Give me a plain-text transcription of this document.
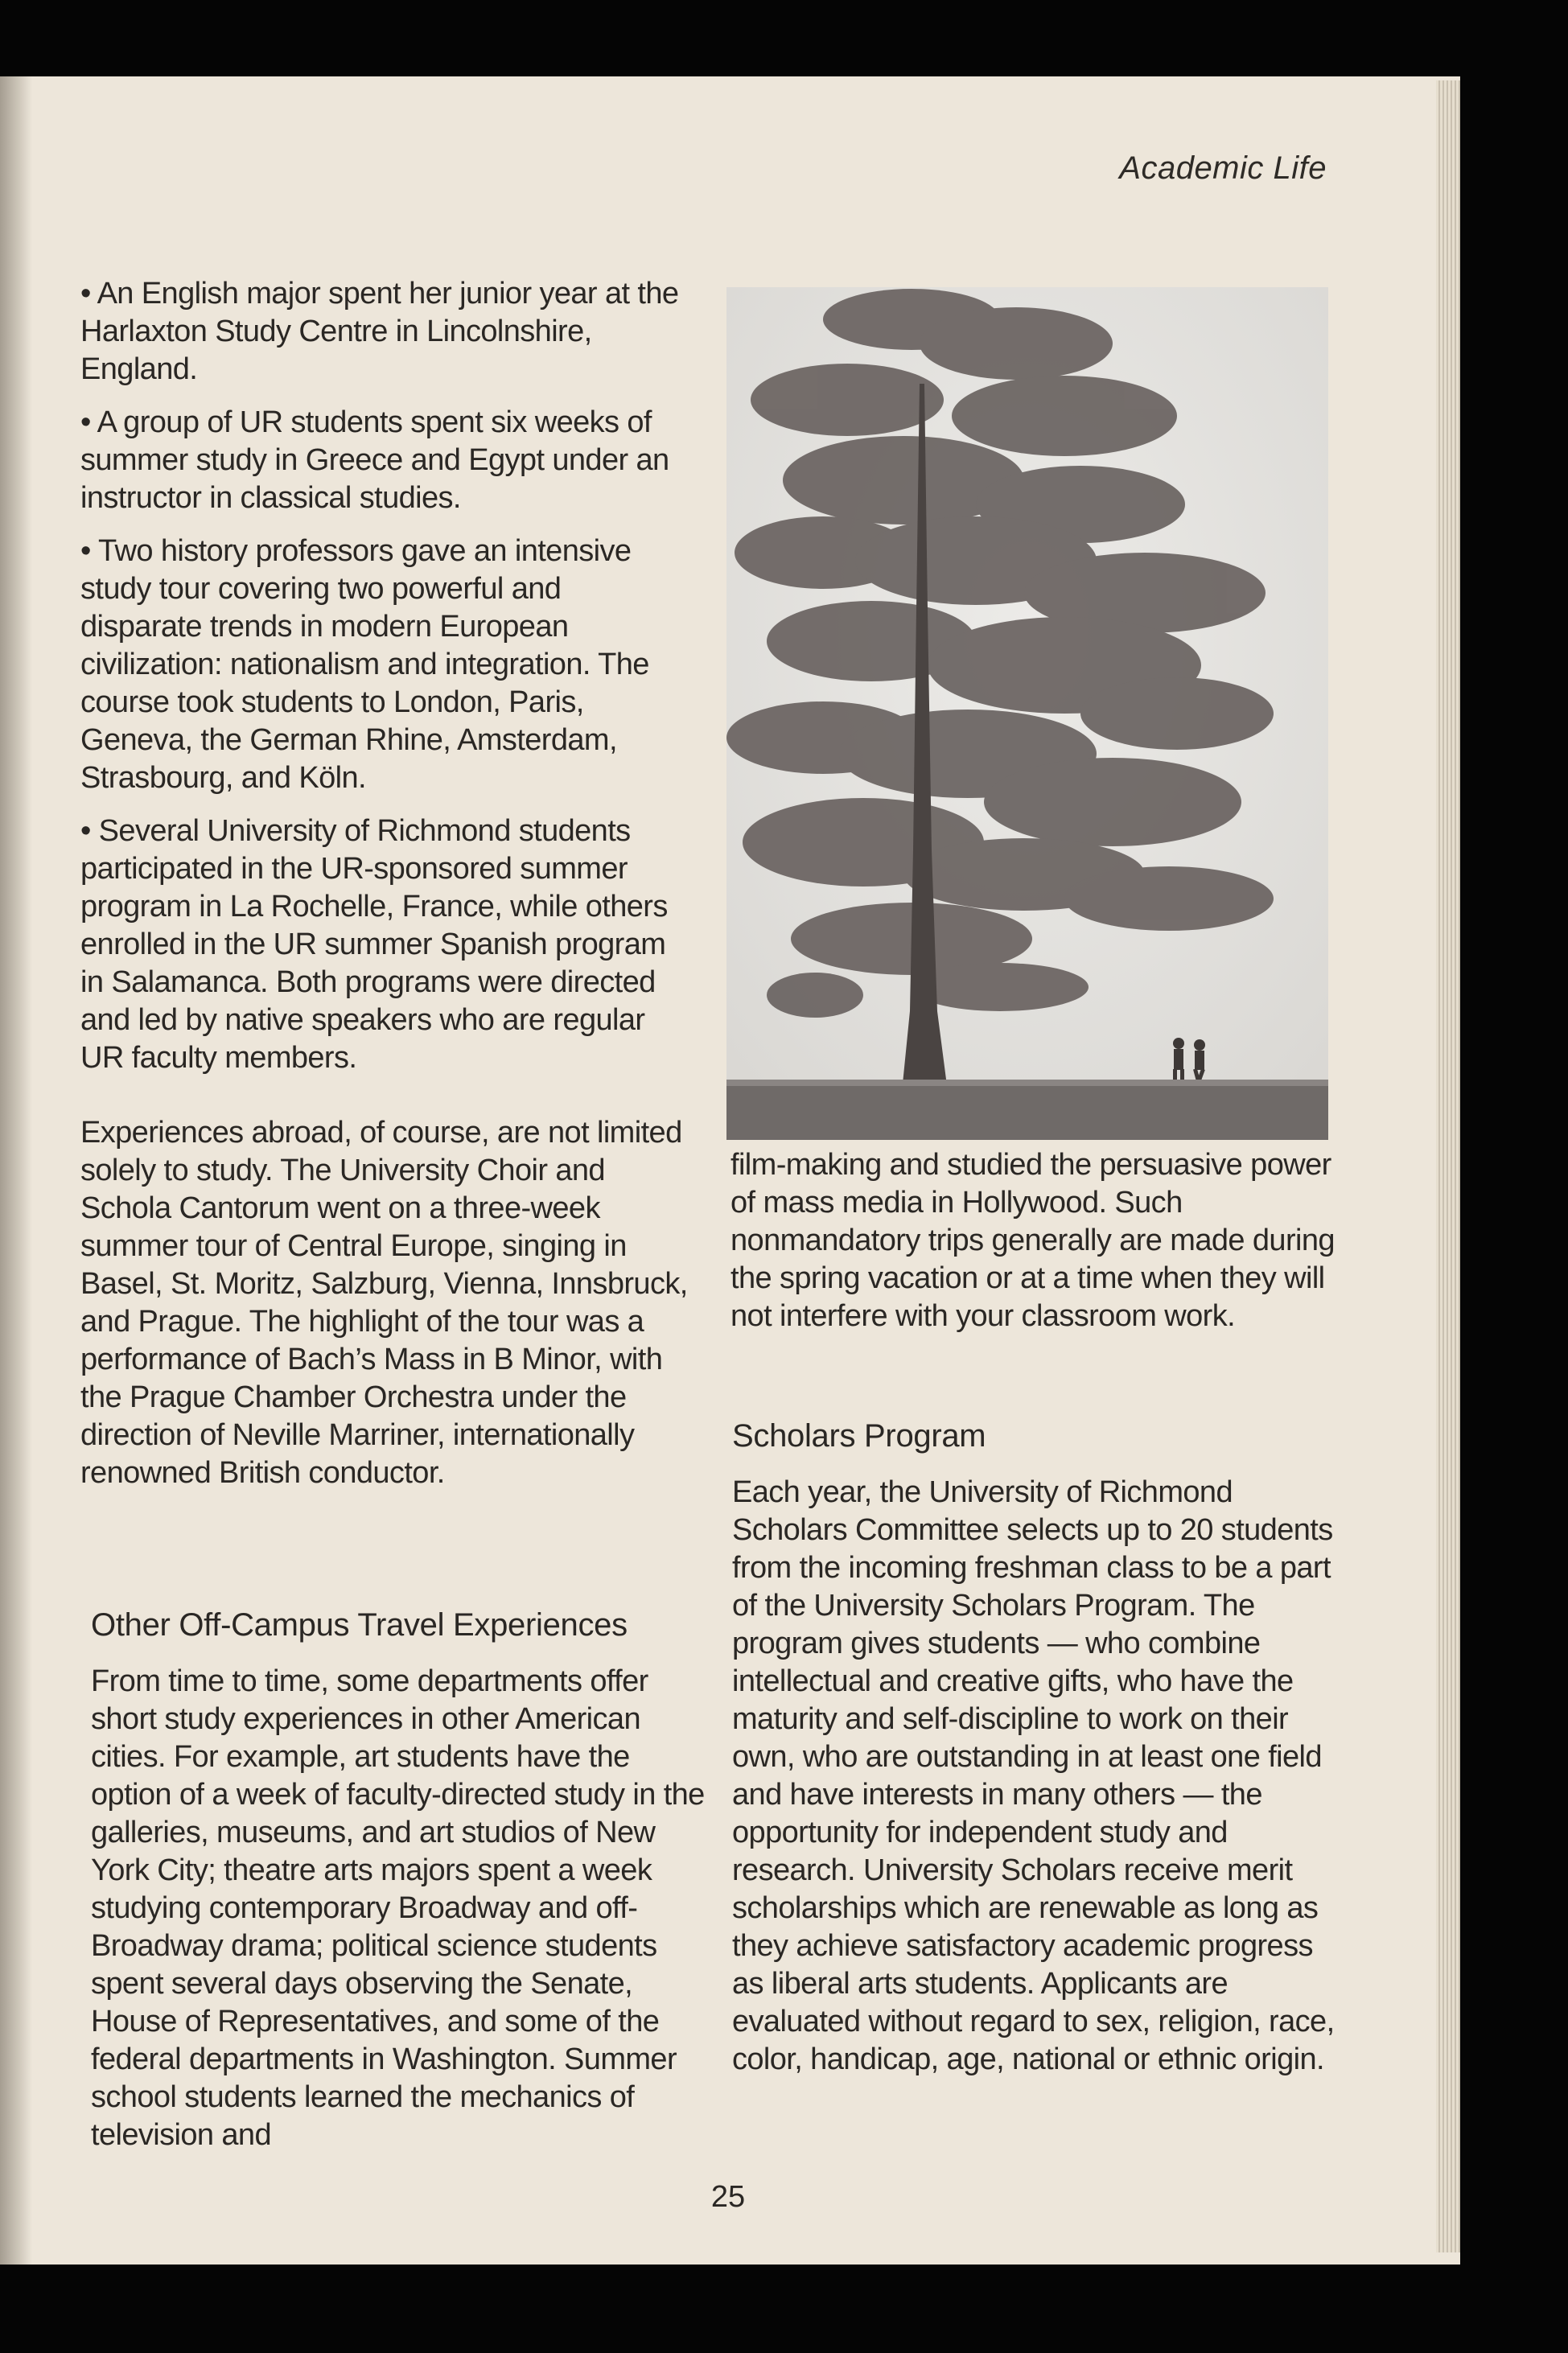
Academic Life

• An English major spent her junior year at the Harlaxton Study Centre in Lincolnshire, England.

• A group of UR students spent six weeks of summer study in Greece and Egypt under an instructor in classical studies.

• Two history professors gave an intensive study tour covering two powerful and disparate trends in modern European civilization: nationalism and integration. The course took students to London, Paris, Geneva, the German Rhine, Amsterdam, Strasbourg, and Köln.

• Several University of Richmond students participated in the UR-sponsored summer program in La Rochelle, France, while others enrolled in the UR summer Spanish program in Salamanca. Both programs were directed and led by native speakers who are regular UR faculty members.

Experiences abroad, of course, are not limited solely to study. The University Choir and Schola Cantorum went on a three-week summer tour of Central Europe, singing in Basel, St. Moritz, Salzburg, Vienna, Innsbruck, and Prague. The highlight of the tour was a performance of Bach’s Mass in B Minor, with the Prague Chamber Orchestra under the direction of Neville Marriner, internationally renowned British conductor.

Other Off-Campus Travel Experiences

From time to time, some departments offer short study experiences in other American cities. For example, art students have the option of a week of faculty-directed study in the galleries, museums, and art studios of New York City; theatre arts majors spent a week studying contemporary Broadway and off-Broadway drama; political science students spent several days observing the Senate, House of Representatives, and some of the federal departments in Washington. Summer school students learned the mechanics of television and

film-making and studied the persuasive power of mass media in Hollywood. Such nonmandatory trips generally are made during the spring vacation or at a time when they will not interfere with your classroom work.

Scholars Program

Each year, the University of Richmond Scholars Committee selects up to 20 students from the incoming freshman class to be a part of the University Scholars Program. The program gives students — who combine intellectual and creative gifts, who have the maturity and self-discipline to work on their own, who are outstanding in at least one field and have interests in many others — the opportunity for independent study and research. University Scholars receive merit scholarships which are renewable as long as they achieve satisfactory academic progress as liberal arts students. Applicants are evaluated without regard to sex, religion, race, color, handicap, age, national or ethnic origin.

25
